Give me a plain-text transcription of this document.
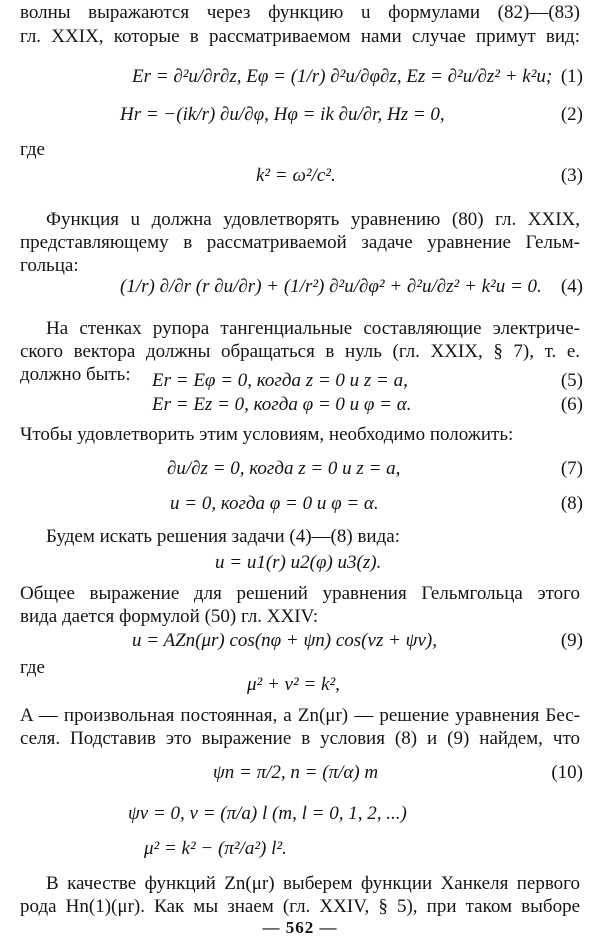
волны выражаются через функцию u формулами (82)—(83)
гл. XXIX, которые в рассматриваемом нами случае примут вид:
Er = ∂²u/∂r∂z, Eφ = (1/r) ∂²u/∂φ∂z, Ez = ∂²u/∂z² + k²u; (1)
Hr = −(ik/r) ∂u/∂φ, Hφ = ik ∂u/∂r, Hz = 0,	(2)
где
k² = ω²/c².	(3)
Функция u должна удовлетворять уравнению (80) гл. XXIX,
представляющему в рассматриваемой задаче уравнение Гельм-
гольца:
(1/r) ∂/∂r (r ∂u/∂r) + (1/r²) ∂²u/∂φ² + ∂²u/∂z² + k²u = 0. (4)
На стенках рупора тангенциальные составляющие электриче-
ского вектора должны обращаться в нуль (гл. XXIX, § 7), т. е.
должно быть:	Er = Eφ = 0, когда z = 0 и z = a,	(5)
Er = Ez = 0, когда φ = 0 и φ = α.	(6)
Чтобы удовлетворить этим условиям, необходимо положить:
∂u/∂z = 0, когда z = 0 и z = a,	(7)
u = 0, когда φ = 0 и φ = α.	(8)
Будем искать решения задачи (4)—(8) вида:
u = u1(r) u2(φ) u3(z).
Общее выражение для решений уравнения Гельмгольца этого
вида дается формулой (50) гл. XXIV:
u = AZn(μr) cos(nφ + ψn) cos(νz + ψν),	(9)
где
μ² + ν² = k²,
A — произвольная постоянная, а Zn(μr) — решение уравнения Бес-
селя. Подставив это выражение в условия (8) и (9) найдем, что
ψn = π/2, n = (π/α) m	(10)
ψν = 0, ν = (π/a) l (m, l = 0, 1, 2, ...)
μ² = k² − (π²/a²) l².
В качестве функций Zn(μr) выберем функции Ханкеля первого
рода Hn(1)(μr). Как мы знаем (гл. XXIV, § 5), при таком выборе
— 562 —
